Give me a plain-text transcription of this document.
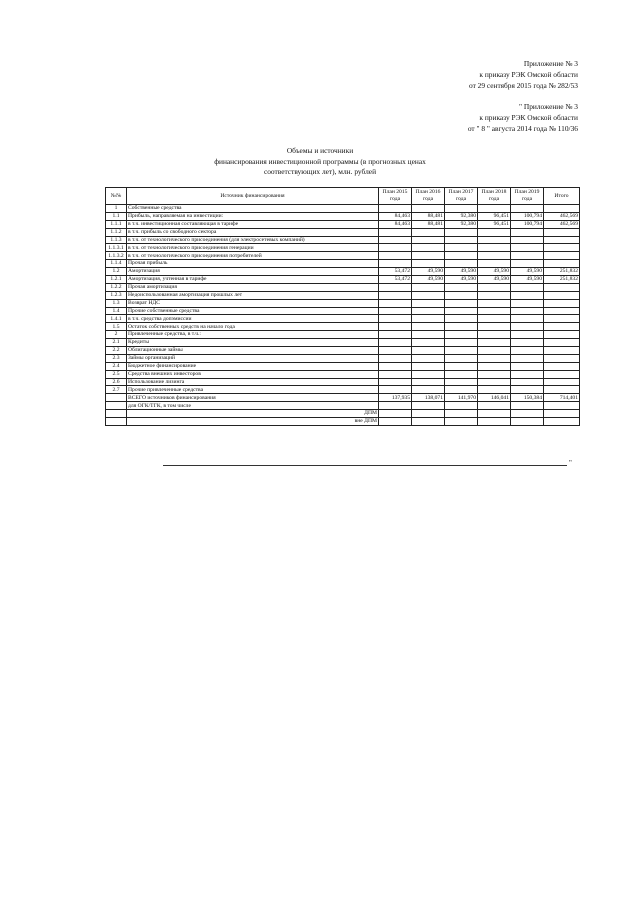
Приложение № 3
к приказу РЭК Омской области
от 29 сентября 2015 года № 282/53
" Приложение № 3
к приказу РЭК Омской области
от " 8 " августа 2014 года № 110/36
Объемы и источники
финансирования инвестиционной программы (в прогнозных ценах
соответствующих лет), млн. рублей
№№	Источник финансирования	План 2015 года	План 2016 года	План 2017 года	План 2018 года	План 2019 года	Итого
1	Собственные средства						
1.1	Прибыль, направляемая на инвестиции:	84,463	88,481	92,380	96,451	100,794	462,569
1.1.1	в т.ч. инвестиционная составляющая в тарифе	84,463	88,481	92,380	96,451	100,794	462,569
1.1.2	в т.ч. прибыль со свободного сектора						
1.1.3	в т.ч. от технологического присоединения (для электросетевых компаний)						
1.1.3.1	в т.ч. от технологического присоединения генерации						
1.1.3.2	в т.ч. от технологического присоединения потребителей						
1.1.4	Прочая прибыль						
1.2	Амортизация	53,472	49,590	49,590	49,590	49,590	251,832
1.2.1	Амортизация, учтенная в тарифе	53,472	49,590	49,590	49,590	49,590	251,832
1.2.2	Прочая амортизация						
1.2.3	Недоиспользованная амортизация прошлых лет						
1.3	Возврат НДС						
1.4	Прочие собственные средства						
1.4.1	в т.ч. средства допэмиссии						
1.5	Остаток собственных средств на начало года						
2	Привлеченные средства, в т.ч.:						
2.1	Кредиты						
2.2	Облигационные займы						
2.3	Займы организаций						
2.4	Бюджетное финансирование						
2.5	Средства внешних инвесторов						
2.6	Использование лизинга						
2.7	Прочие привлеченные средства						
	ВСЕГО источников финансирования	137,935	138,071	141,970	146,041	150,384	714,401
	для ОГК/ТГК, в том числе						
	ДПМ						
	вне ДПМ						
"
